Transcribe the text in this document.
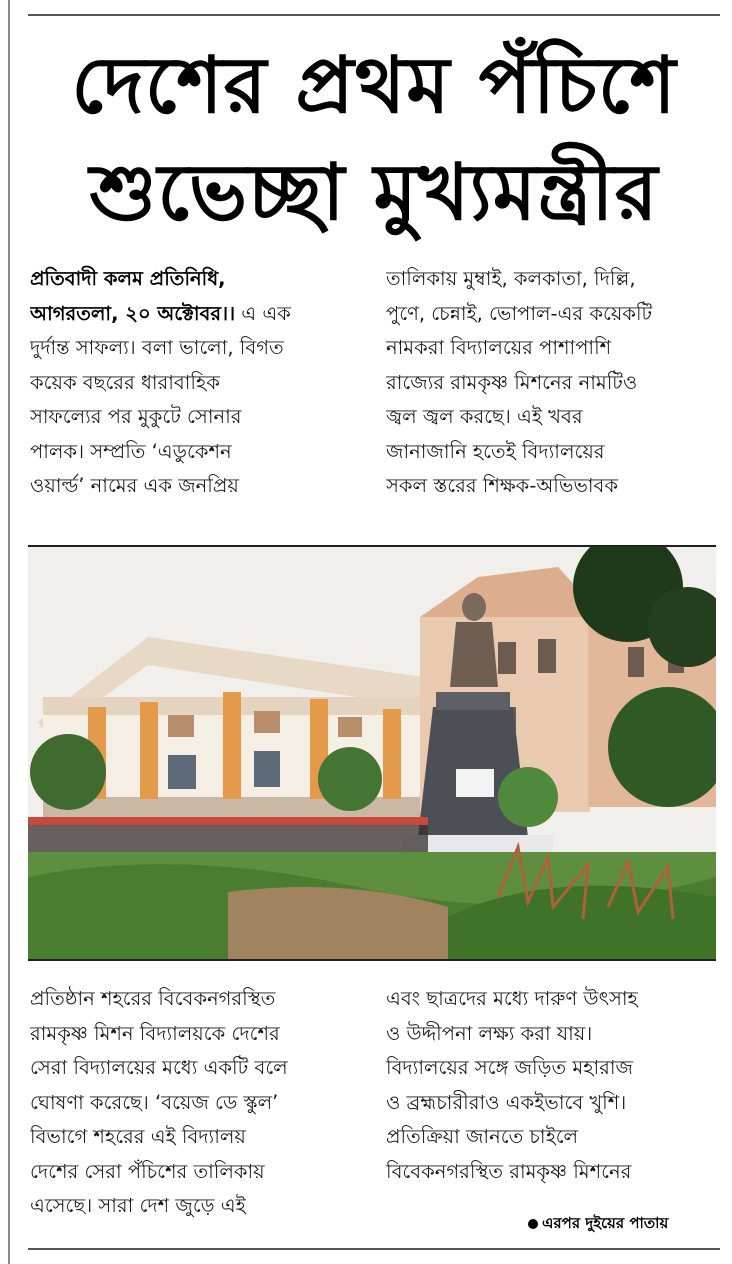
দেশের প্রথম পঁচিশে
শুভেচ্ছা মুখ্যমন্ত্রীর
প্রতিবাদী কলম প্রতিনিধি,
আগরতলা, ২০ অক্টোবর।। এ এক
দুর্দান্ত সাফল্য। বলা ভালো, বিগত
কয়েক বছরের ধারাবাহিক
সাফল্যের পর মুকুটে সোনার
পালক। সম্প্রতি ‘এডুকেশন
ওয়ার্ল্ড’ নামের এক জনপ্রিয়
তালিকায় মুম্বাই, কলকাতা, দিল্লি,
পুণে, চেন্নাই, ভোপাল-এর কয়েকটি
নামকরা বিদ্যালয়ের পাশাপাশি
রাজ্যের রামকৃষ্ণ মিশনের নামটিও
জ্বল জ্বল করছে। এই খবর
জানাজানি হতেই বিদ্যালয়ের
সকল স্তরের শিক্ষক-অভিভাবক
প্রতিষ্ঠান শহরের বিবেকনগরস্থিত
রামকৃষ্ণ মিশন বিদ্যালয়কে দেশের
সেরা বিদ্যালয়ের মধ্যে একটি বলে
ঘোষণা করেছে। ‘বয়েজ ডে স্কুল’
বিভাগে শহরের এই বিদ্যালয়
দেশের সেরা পঁচিশের তালিকায়
এসেছে। সারা দেশ জুড়ে এই
এবং ছাত্রদের মধ্যে দারুণ উৎসাহ
ও উদ্দীপনা লক্ষ্য করা যায়।
বিদ্যালয়ের সঙ্গে জড়িত মহারাজ
ও ব্রহ্মচারীরাও একইভাবে খুশি।
প্রতিক্রিয়া জানতে চাইলে
বিবেকনগরস্থিত রামকৃষ্ণ মিশনের
এরপর দুইয়ের পাতায়
